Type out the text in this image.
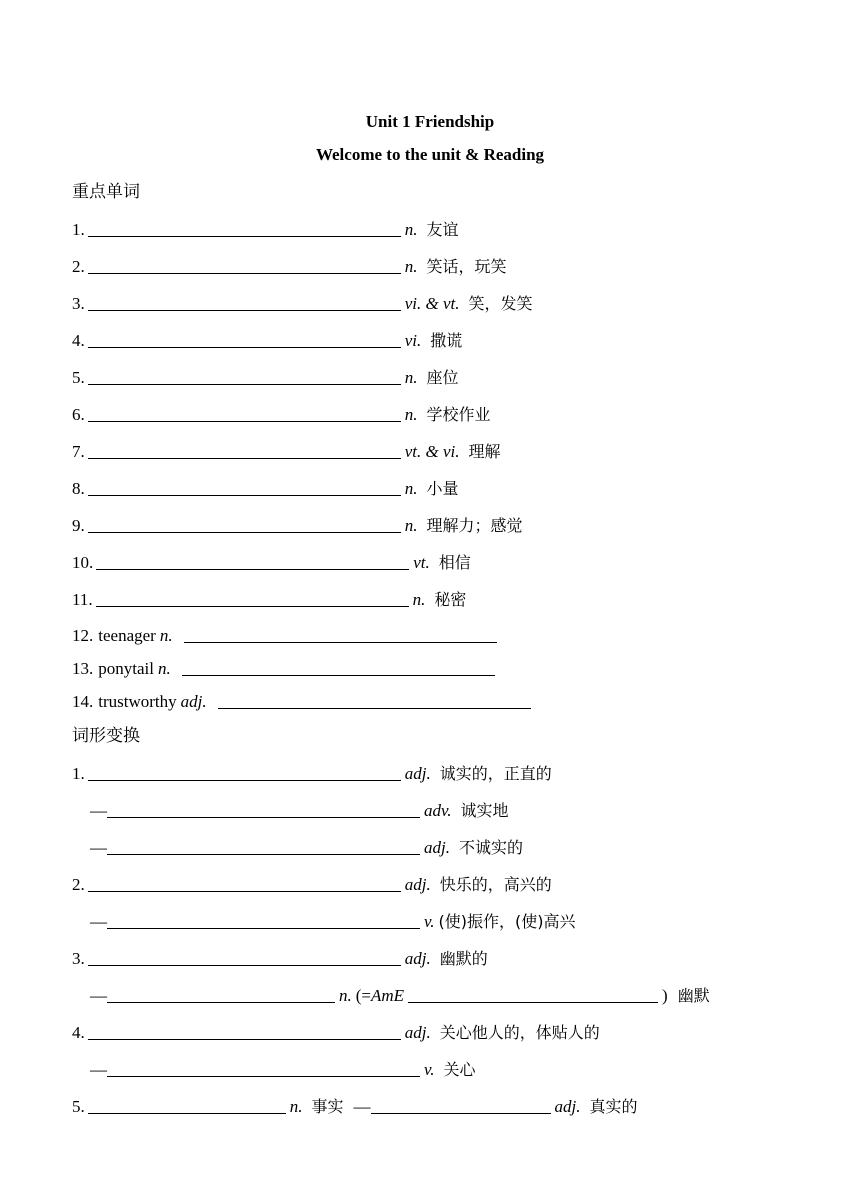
Unit 1 Friendship
Welcome to the unit & Reading
重点单词
1.	n. 友谊
2.	n. 笑话，玩笑
3.	vi. & vt. 笑，发笑
4.	vi. 撒谎
5.	n. 座位
6.	n. 学校作业
7.	vt. & vi. 理解
8.	n. 小量
9.	n. 理解力；感觉
10.	vt. 相信
11.	n. 秘密
12. teenager n.
13. ponytail n.
14. trustworthy adj.
词形变换
1.	adj. 诚实的，正直的
—	adv. 诚实地
—	adj. 不诚实的
2.	adj. 快乐的，高兴的
—	v. (使)振作，(使)高兴
3.	adj. 幽默的
—	n. (= AmE	) 幽默
4.	adj. 关心他人的，体贴人的
—	v. 关心
5.	n. 事实 —	adj. 真实的
